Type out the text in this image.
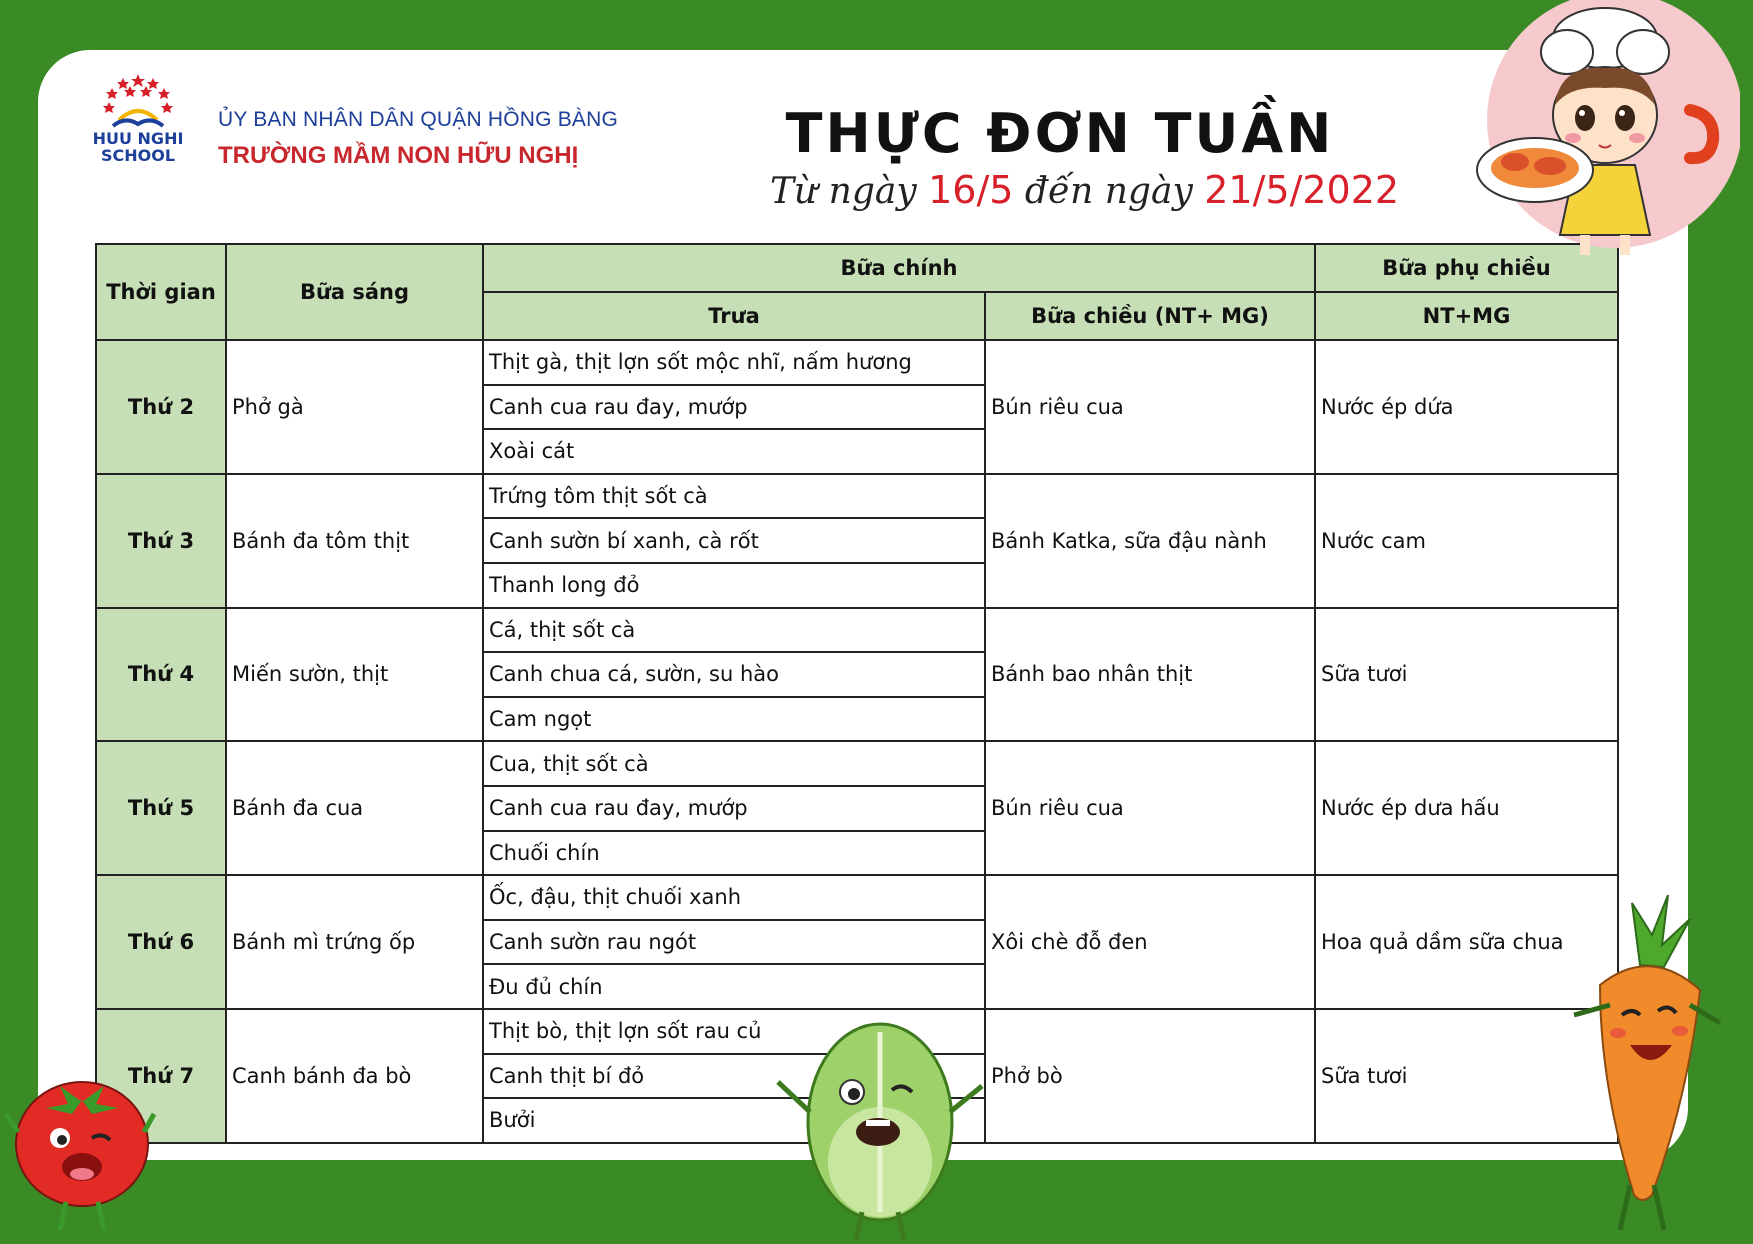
HUU NGHI
SCHOOL
ỦY BAN NHÂN DÂN QUẬN HỒNG BÀNG
TRƯỜNG MẦM NON HỮU NGHỊ	THỰC ĐƠN TUẦN
Từ ngày 16/5 đến ngày 21/5/2022
Thời gian	Bữa sáng	Bữa chính		Bữa phụ chiều
		Trưa	Bữa chiều (NT+ MG)	NT+MG
Thứ 2	Phở gà	Thịt gà, thịt lợn sốt mộc nhĩ, nấm hương	Bún riêu cua	Nước ép dứa
		Canh cua rau đay, mướp		
		Xoài cát		
Thứ 3	Bánh đa tôm thịt	Trứng tôm thịt sốt cà	Bánh Katka, sữa đậu nành	Nước cam
		Canh sườn bí xanh, cà rốt		
		Thanh long đỏ		
Thứ 4	Miến sườn, thịt	Cá, thịt sốt cà	Bánh bao nhân thịt	Sữa tươi
		Canh chua cá, sườn, su hào		
		Cam ngọt		
Thứ 5	Bánh đa cua	Cua, thịt sốt cà	Bún riêu cua	Nước ép dưa hấu
		Canh cua rau đay, mướp		
		Chuối chín		
Thứ 6	Bánh mì trứng ốp	Ốc, đậu, thịt chuối xanh	Xôi chè đỗ đen	Hoa quả dầm sữa chua
		Canh sườn rau ngót		
		Đu đủ chín		
Thứ 7	Canh bánh đa bò	Thịt bò, thịt lợn sốt rau củ	Phở bò	Sữa tươi
		Canh thịt bí đỏ		
		Bưởi		
